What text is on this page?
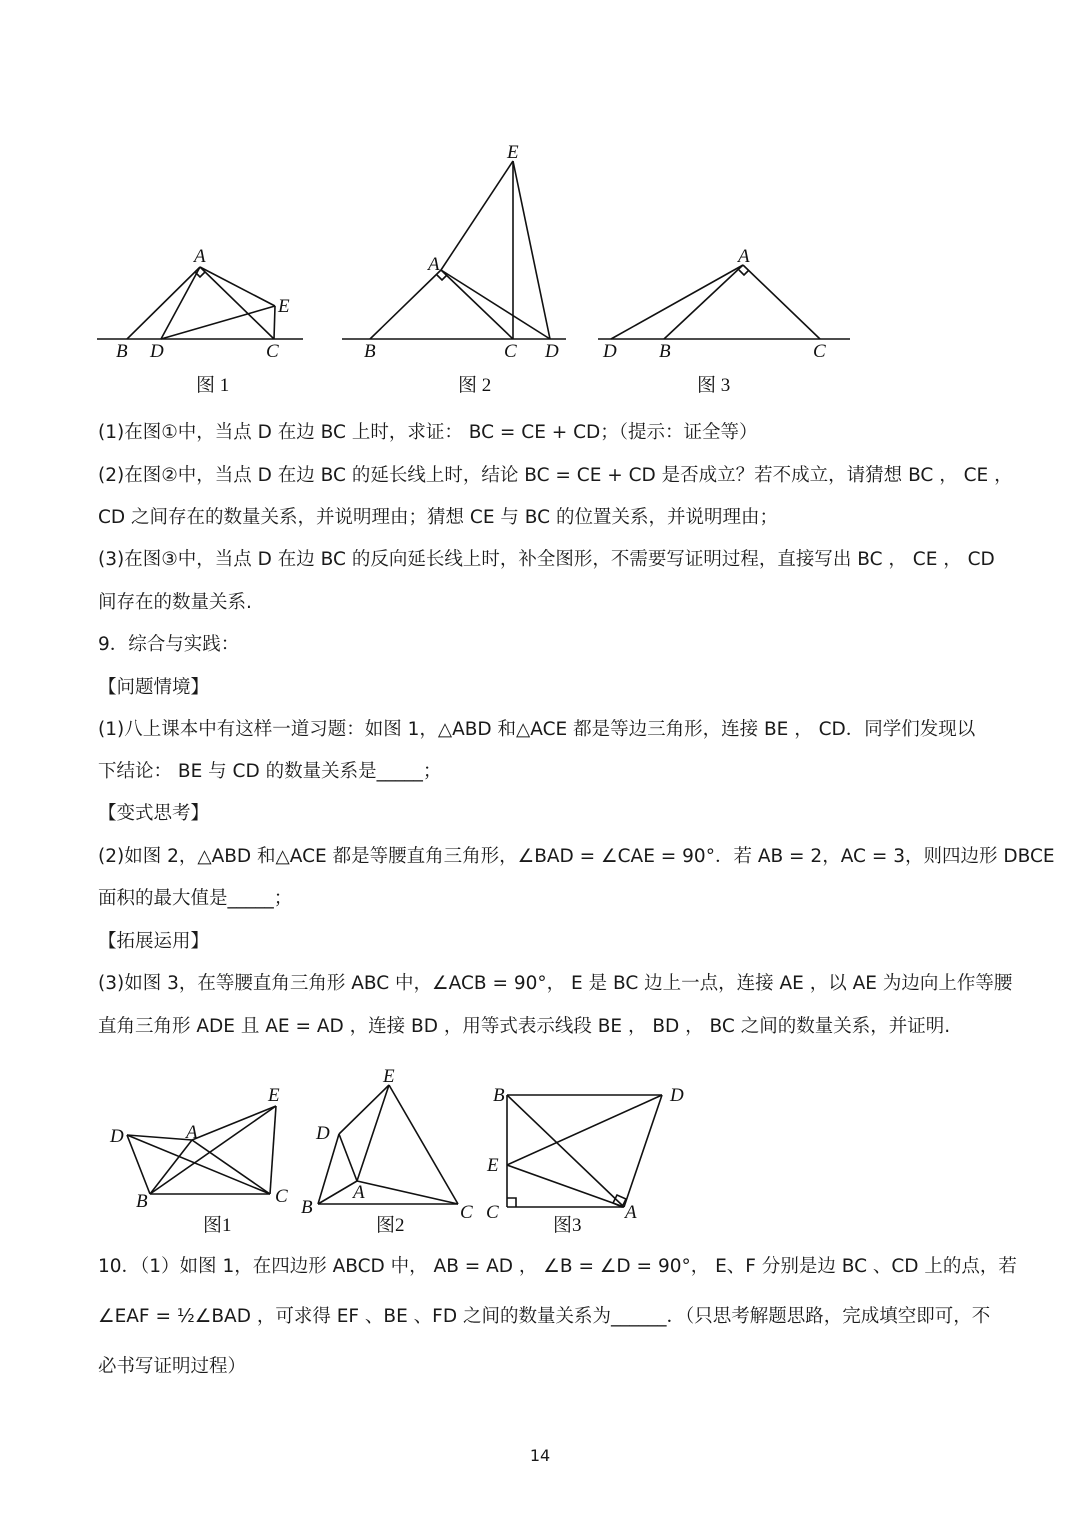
A
B D	C
E
图 1
A
E
B	C D
图 2
A
D B	C
图 3
D	A
E
B	C
图1
E
D
A
B	C
图2
B	D
E
C	A
图3
(1)在图①中，当点 D 在边 BC 上时，求证： BC = CE + CD；（提示：证全等）
(2)在图②中，当点 D 在边 BC 的延长线上时，结论 BC = CE + CD 是否成立？若不成立，请猜想 BC ， CE ，
CD 之间存在的数量关系，并说明理由；猜想 CE 与 BC 的位置关系，并说明理由；
(3)在图③中，当点 D 在边 BC 的反向延长线上时，补全图形，不需要写证明过程，直接写出 BC ， CE ， CD
间存在的数量关系.
9．综合与实践：
【问题情境】
(1)八上课本中有这样一道习题：如图 1，△ABD 和△ACE 都是等边三角形，连接 BE ， CD．同学们发现以
下结论： BE 与 CD 的数量关系是_____；
【变式思考】
(2)如图 2，△ABD 和△ACE 都是等腰直角三角形，∠BAD = ∠CAE = 90°．若 AB = 2，AC = 3，则四边形 DBCE
面积的最大值是_____；
【拓展运用】
(3)如图 3，在等腰直角三角形 ABC 中，∠ACB = 90°， E 是 BC 边上一点，连接 AE ，以 AE 为边向上作等腰
直角三角形 ADE 且 AE = AD ，连接 BD ，用等式表示线段 BE ， BD ， BC 之间的数量关系，并证明.
10．（1）如图 1，在四边形 ABCD 中， AB = AD ， ∠B = ∠D = 90°， E、F 分别是边 BC 、CD 上的点，若
∠EAF = ½∠BAD ，可求得 EF 、BE 、FD 之间的数量关系为______．（只思考解题思路，完成填空即可，不
必书写证明过程）
14
